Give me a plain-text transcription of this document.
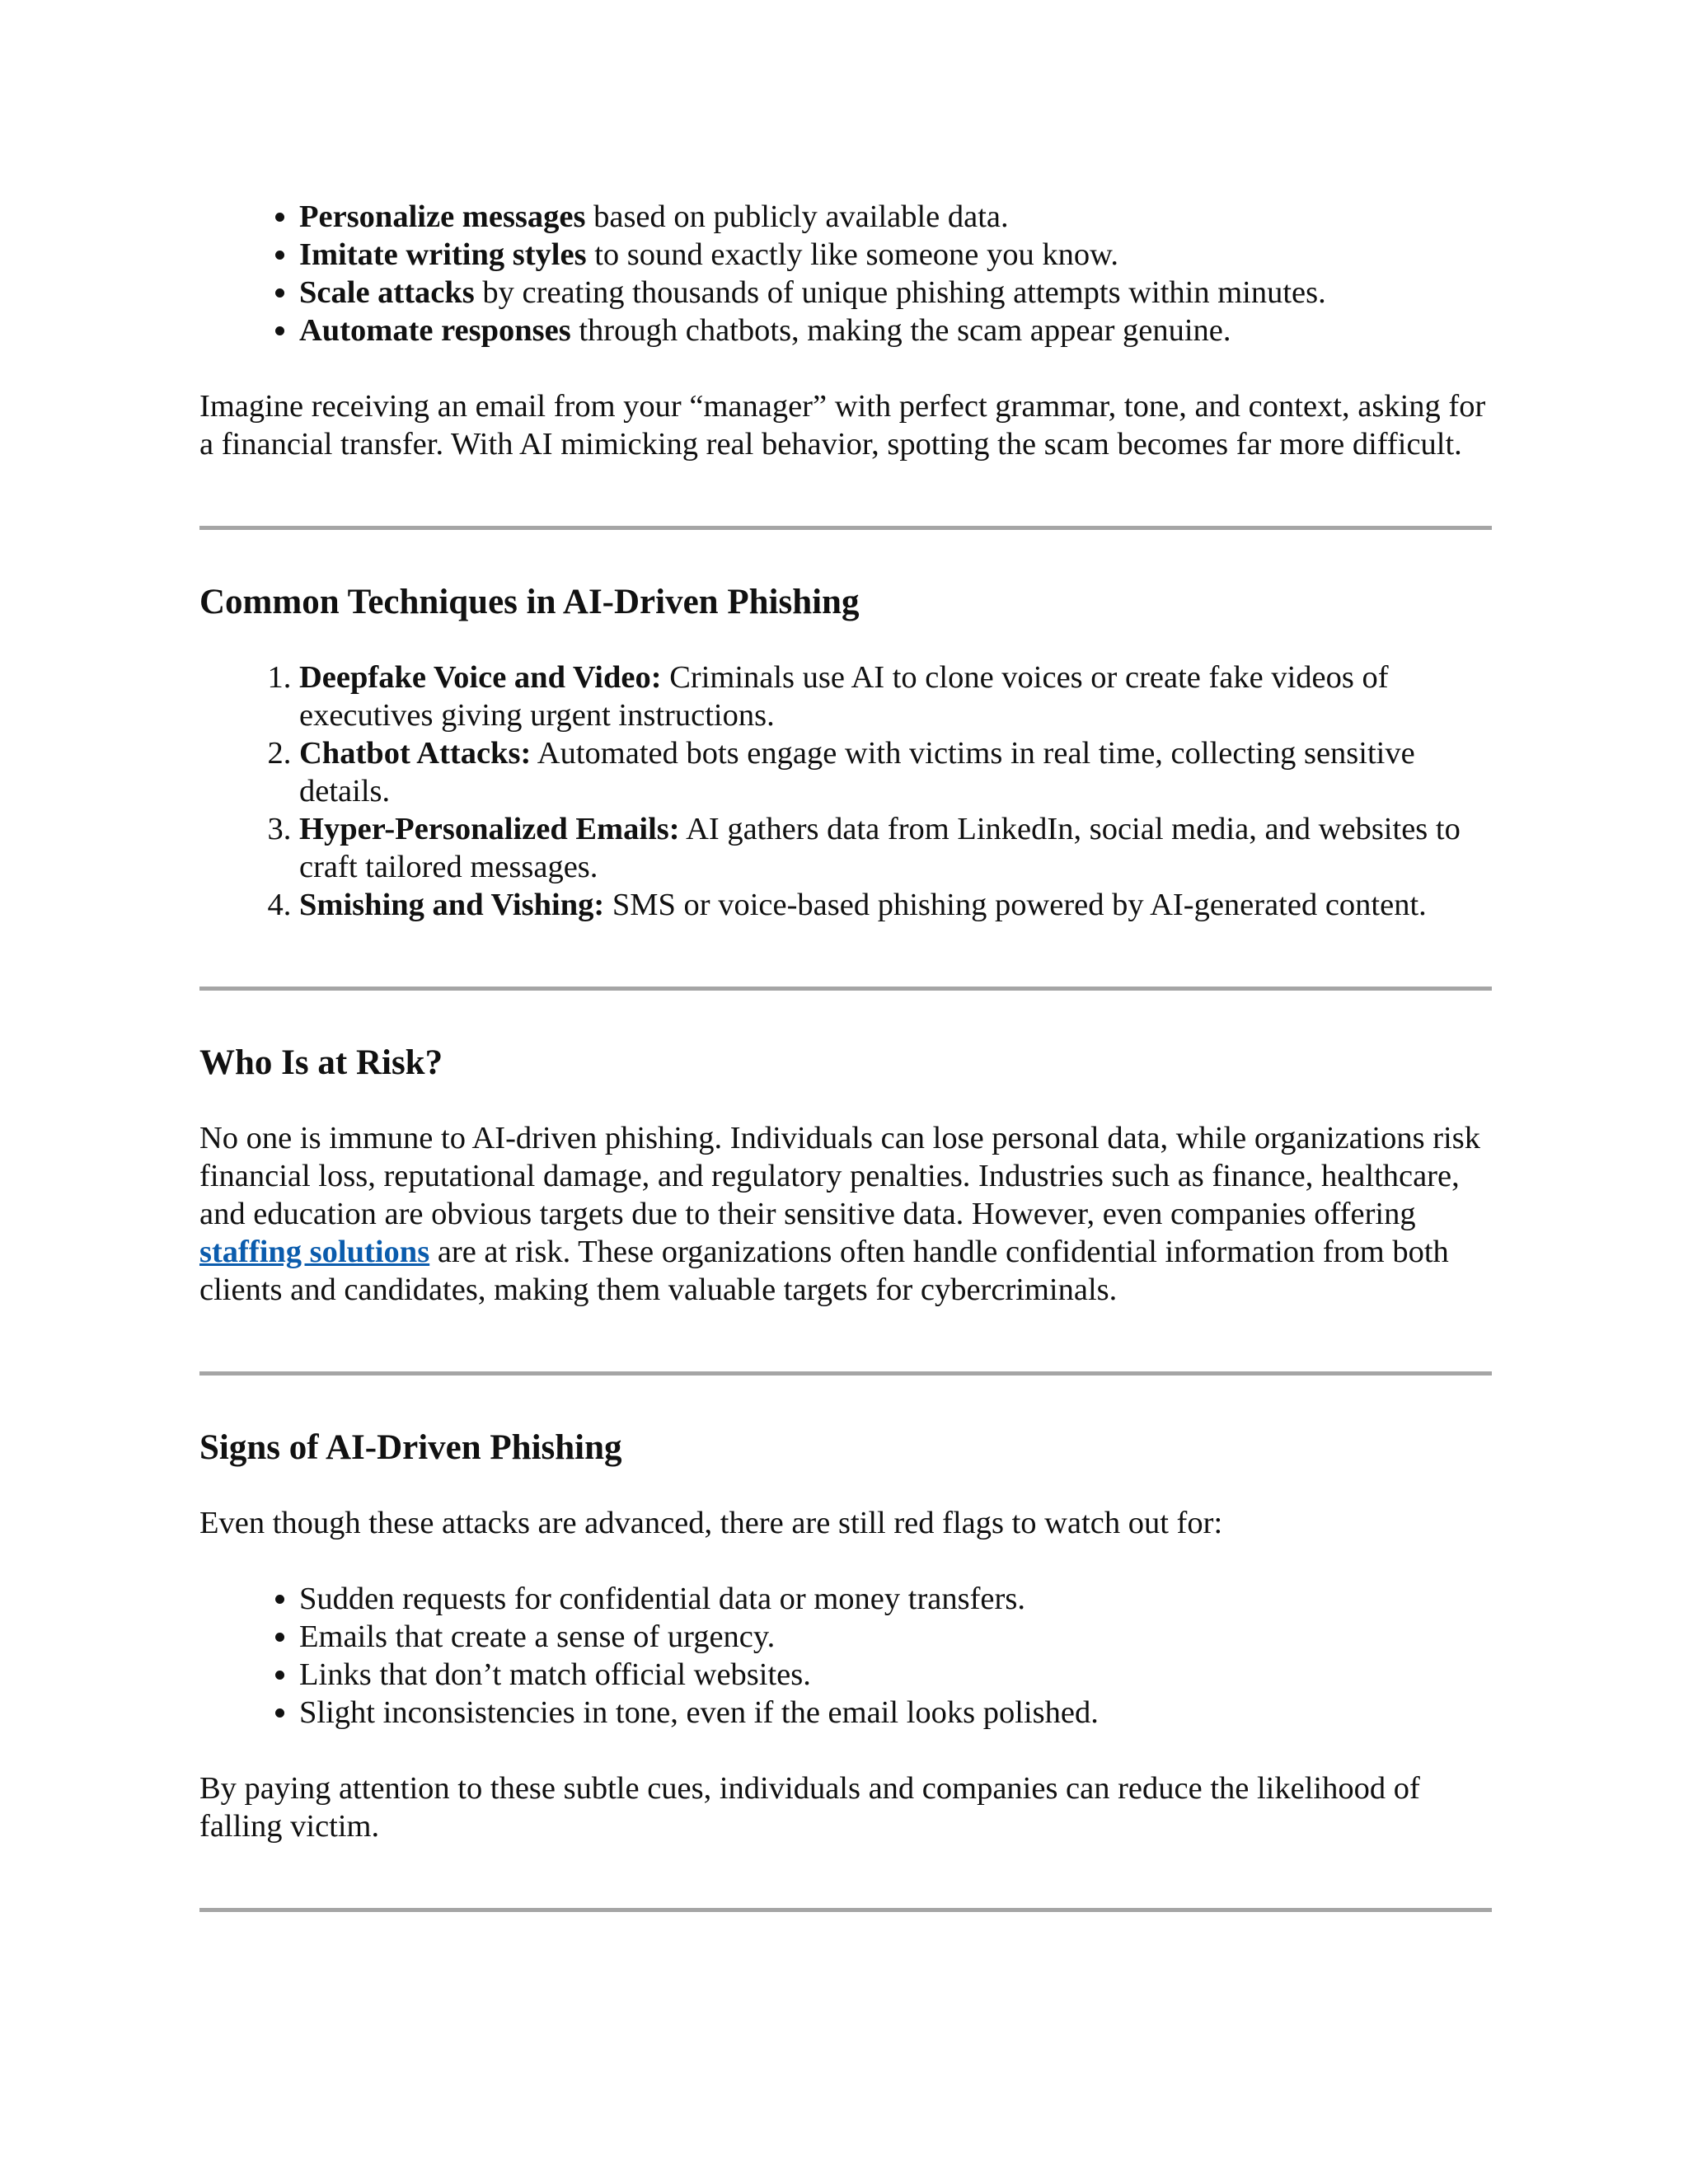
• Personalize messages based on publicly available data.
• Imitate writing styles to sound exactly like someone you know.
• Scale attacks by creating thousands of unique phishing attempts within minutes.
• Automate responses through chatbots, making the scam appear genuine.

Imagine receiving an email from your “manager” with perfect grammar, tone, and context, asking for a financial transfer. With AI mimicking real behavior, spotting the scam becomes far more difficult.

Common Techniques in AI-Driven Phishing
1. Deepfake Voice and Video: Criminals use AI to clone voices or create fake videos of executives giving urgent instructions.
2. Chatbot Attacks: Automated bots engage with victims in real time, collecting sensitive details.
3. Hyper-Personalized Emails: AI gathers data from LinkedIn, social media, and websites to craft tailored messages.
4. Smishing and Vishing: SMS or voice-based phishing powered by AI-generated content.
Who Is at Risk?

No one is immune to AI-driven phishing. Individuals can lose personal data, while organizations risk financial loss, reputational damage, and regulatory penalties. Industries such as finance, healthcare, and education are obvious targets due to their sensitive data. However, even companies offering staffing solutions are at risk. These organizations often handle confidential information from both clients and candidates, making them valuable targets for cybercriminals.

Signs of AI-Driven Phishing

Even though these attacks are advanced, there are still red flags to watch out for:

• Sudden requests for confidential data or money transfers.
• Emails that create a sense of urgency.
• Links that don’t match official websites.
• Slight inconsistencies in tone, even if the email looks polished.

By paying attention to these subtle cues, individuals and companies can reduce the likelihood of falling victim.
